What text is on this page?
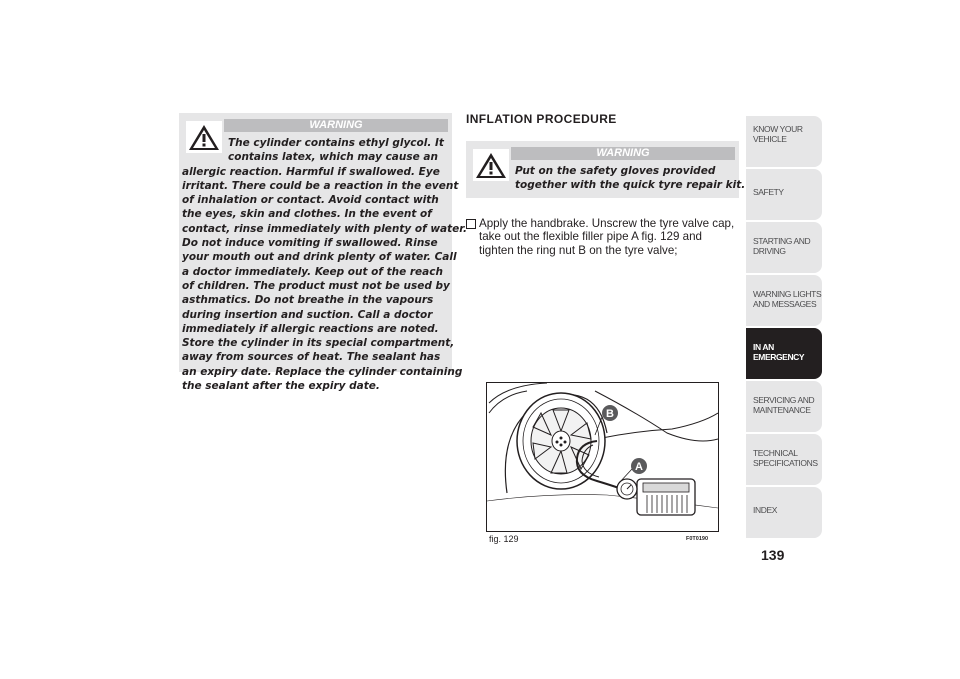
WARNING
The cylinder contains ethyl glycol. It
contains latex, which may cause an
allergic reaction. Harmful if swallowed. Eye
irritant. There could be a reaction in the event
of inhalation or contact. Avoid contact with
the eyes, skin and clothes. In the event of
contact, rinse immediately with plenty of water.
Do not induce vomiting if swallowed. Rinse
your mouth out and drink plenty of water. Call
a doctor immediately. Keep out of the reach
of children. The product must not be used by
asthmatics. Do not breathe in the vapours
during insertion and suction. Call a doctor
immediately if allergic reactions are noted.
Store the cylinder in its special compartment,
away from sources of heat. The sealant has
an expiry date. Replace the cylinder containing
the sealant after the expiry date.
INFLATION PROCEDURE
WARNING
Put on the safety gloves provided
together with the quick tyre repair kit.
Apply the handbrake. Unscrew the tyre valve cap,
take out the flexible filler pipe A fig. 129 and
tighten the ring nut B on the tyre valve;
B
A
fig. 129	F0T0190
KNOW YOUR
VEHICLE
SAFETY
STARTING AND
DRIVING
WARNING LIGHTS
AND MESSAGES
IN AN
EMERGENCY
SERVICING AND
MAINTENANCE
TECHNICAL
SPECIFICATIONS
INDEX
139
